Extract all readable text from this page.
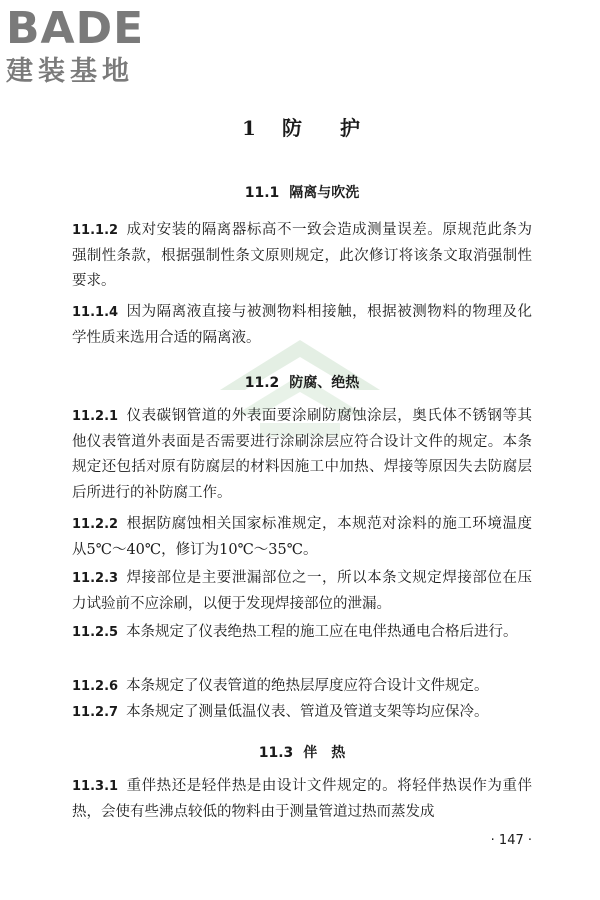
BADE
建装基地
1 防 护
11.1 隔离与吹洗
11.1.2 成对安装的隔离器标高不一致会造成测量误差。原规范此条为强制性条款，根据强制性条文原则规定，此次修订将该条文取消强制性要求。
11.1.4 因为隔离液直接与被测物料相接触，根据被测物料的物理及化学性质来选用合适的隔离液。
11.2 防腐、绝热
11.2.1 仪表碳钢管道的外表面要涂刷防腐蚀涂层，奥氏体不锈钢等其他仪表管道外表面是否需要进行涂刷涂层应符合设计文件的规定。本条规定还包括对原有防腐层的材料因施工中加热、焊接等原因失去防腐层后所进行的补防腐工作。
11.2.2 根据防腐蚀相关国家标准规定，本规范对涂料的施工环境温度从5℃～40℃，修订为10℃～35℃。
11.2.3 焊接部位是主要泄漏部位之一，所以本条文规定焊接部位在压力试验前不应涂刷，以便于发现焊接部位的泄漏。
11.2.5 本条规定了仪表绝热工程的施工应在电伴热通电合格后进行。
11.2.6 本条规定了仪表管道的绝热层厚度应符合设计文件规定。
11.2.7 本条规定了测量低温仪表、管道及管道支架等均应保冷。
11.3 伴　热
11.3.1 重伴热还是轻伴热是由设计文件规定的。将轻伴热误作为重伴热，会使有些沸点较低的物料由于测量管道过热而蒸发成
· 147 ·
